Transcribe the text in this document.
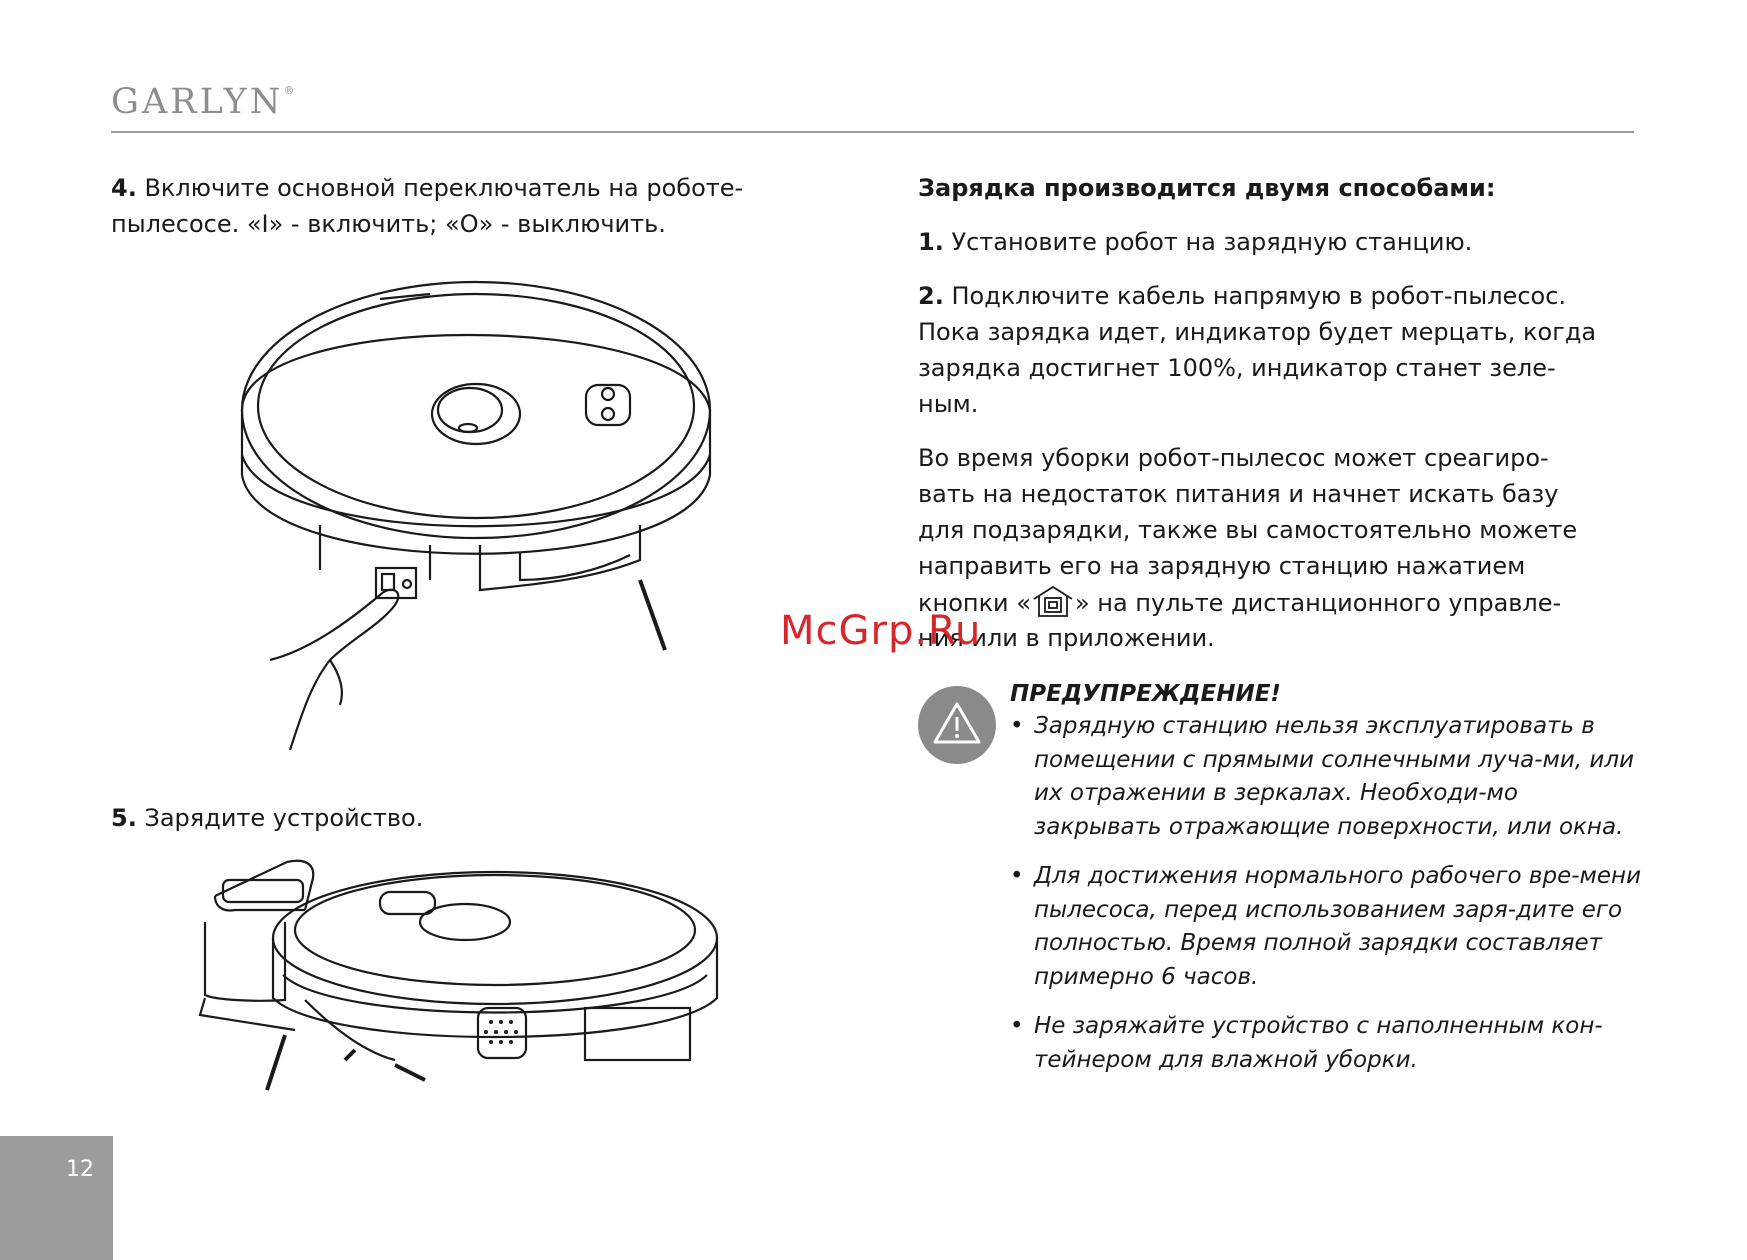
GARLYN®

4. Включите основной переключатель на роботе-

пылесосе. «I» - включить; «O» - выключить.

5. Зарядите устройство.

Зарядка производится двумя способами:

1. Установите робот на зарядную станцию.

2. Подключите кабель напрямую в робот-пылесос.

Пока зарядка идет, индикатор будет мерцать, когда

зарядка достигнет 100%, индикатор станет зеле-

ным.

Во время уборки робот-пылесос может среагиро-

вать на недостаток питания и начнет искать базу

для подзарядки, также вы самостоятельно можете

направить его на зарядную станцию нажатием

кнопки « » на пульте дистанционного управле-

ния или в приложении.

McGrp.Ru
ПРЕДУПРЕЖДЕНИЕ!
• Зарядную станцию нельзя эксплуатировать в помещении с прямыми солнечными луча-ми, или их отражении в зеркалах. Необходи-мо закрывать отражающие поверхности, или окна.
• Для достижения нормального рабочего вре-мени пылесоса, перед использованием заря-дите его полностью. Время полной зарядки составляет примерно 6 часов.
• Не заряжайте устройство с наполненным кон-тейнером для влажной уборки.
12
